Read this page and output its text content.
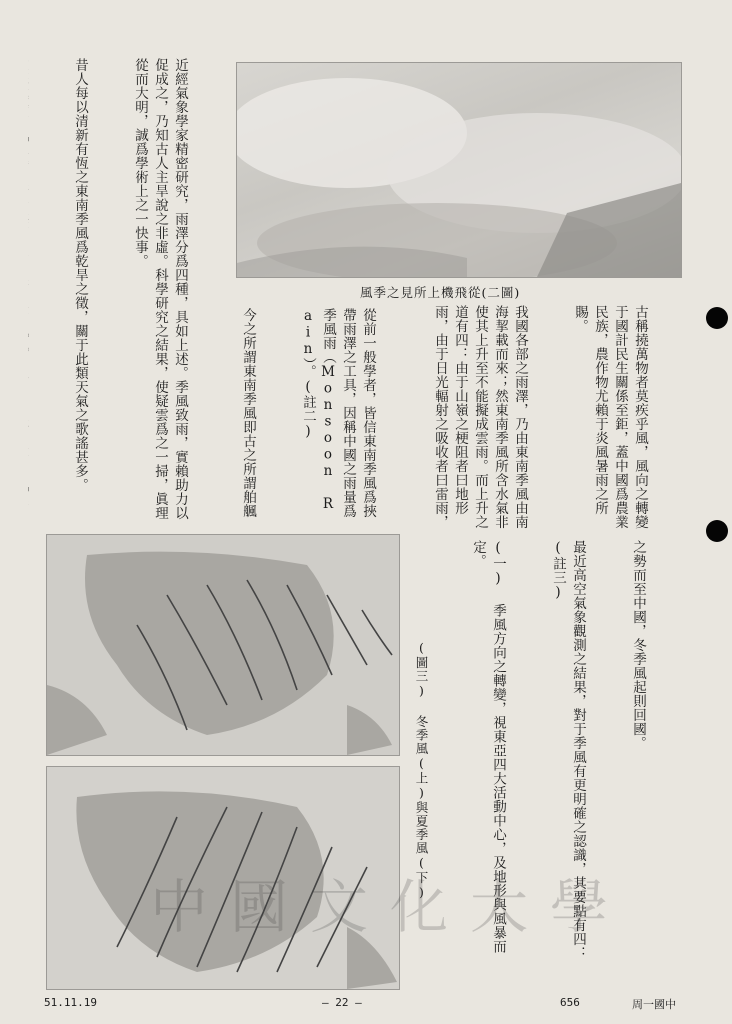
近經氣象學家精密研究，雨澤分爲四種，具如上述。季風致雨，實賴助力以促成之，乃知古人主旱說之非虛。科學研究之結果，使疑雲爲之一掃，眞理從而大明，誠爲學術上之一快事。

昔人每以清新有恆之東南季風爲乾旱之徵，關于此類天氣之歌謠甚多。

	風季之見所上機飛從(二圖)

從前一般學者，皆信東南季風爲挾帶雨澤之工具，因稱中國之雨量爲季風雨（Monsoon Rain）。(註二)

今之所謂東南季風即古之所謂舶䑺

	古稱撓萬物者莫疾乎風，風向之轉變于國計民生關係至鉅，蓋中國爲農業民族，農作物尤賴于炎風暑雨之所賜。

我國各部之雨澤，乃由東南季風由南海挈載而來；然東南季風所含水氣非使其上升至不能擬成雲雨。而上升之道有四：由于山嶺之梗阻者曰地形雨，由于日光輻射之吸收者曰雷雨，

之勢而至中國，冬季風起則回國。

最近高空氣象觀測之結果，對于季風有更明確之認識，其要點有四：(註三)

(一) 季風方向之轉變，視東亞四大活動中心，及地形與風暴而定。

(圖三) 冬季風(上)與夏季風(下)
中國文化大學
51.11.19	— 22 —	656	周一國中
